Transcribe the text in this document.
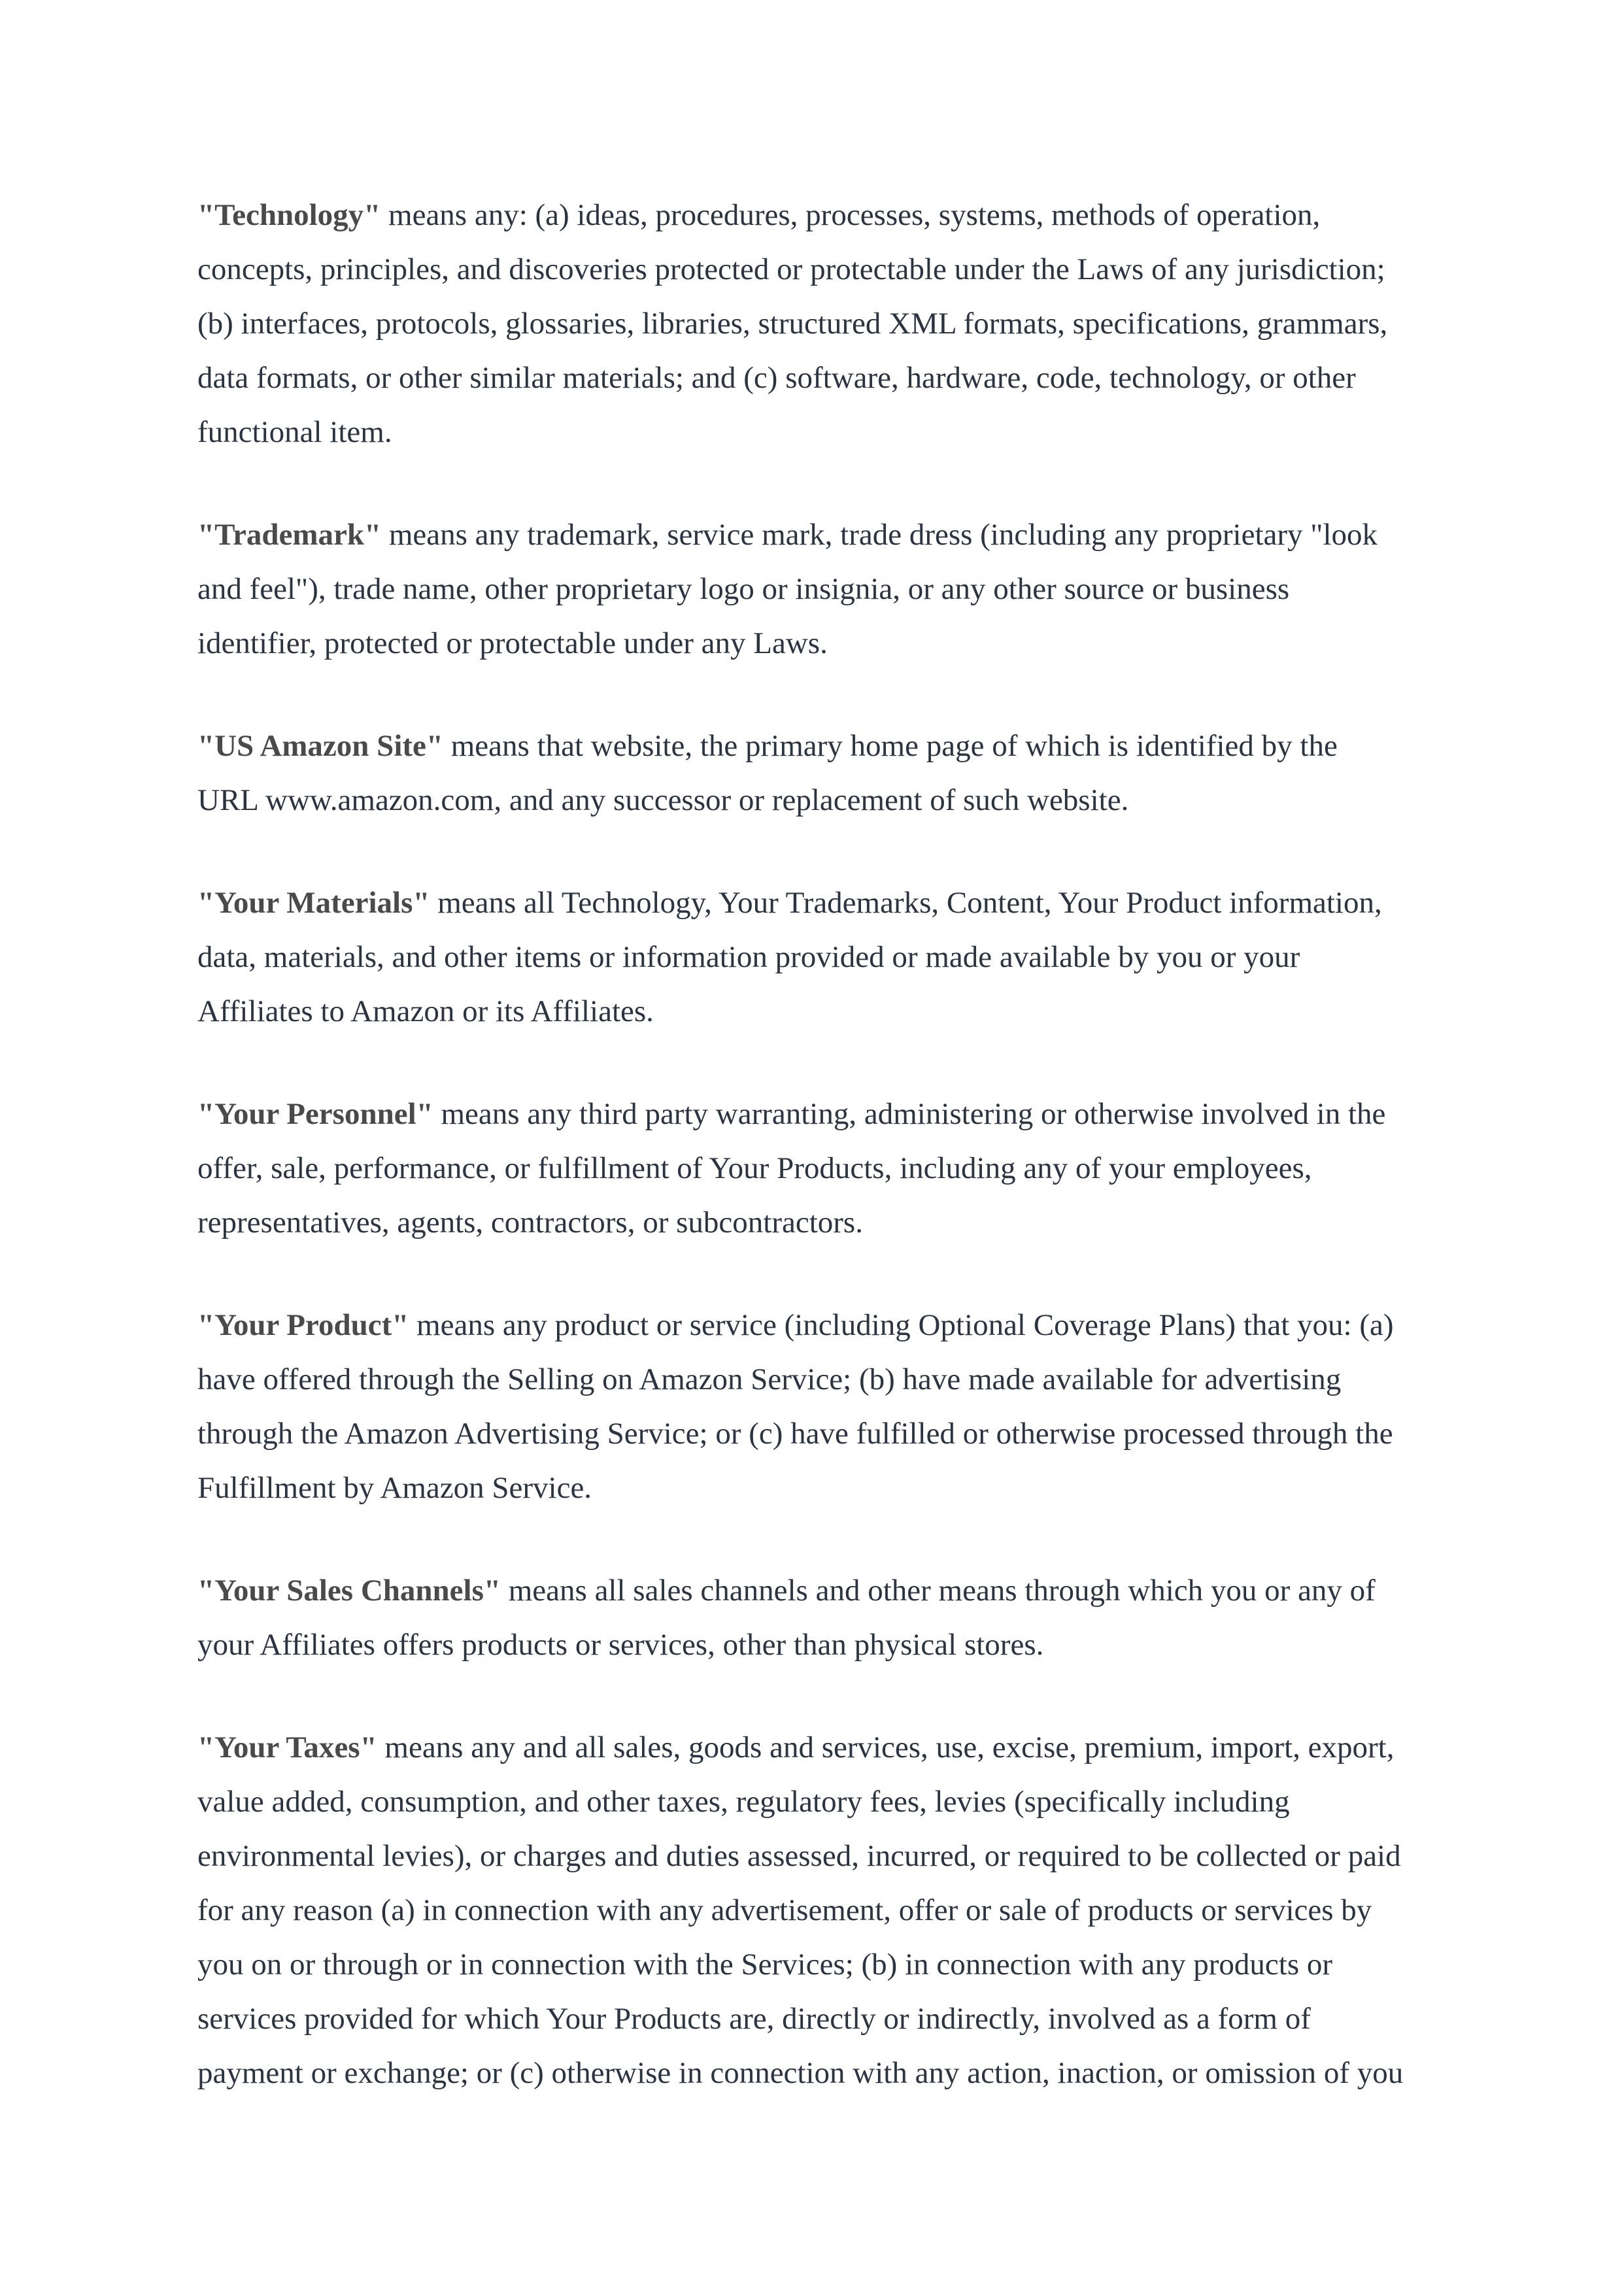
"Technology" means any: (a) ideas, procedures, processes, systems, methods of operation,
concepts, principles, and discoveries protected or protectable under the Laws of any jurisdiction;
(b) interfaces, protocols, glossaries, libraries, structured XML formats, specifications, grammars,
data formats, or other similar materials; and (c) software, hardware, code, technology, or other
functional item.
"Trademark" means any trademark, service mark, trade dress (including any proprietary "look
and feel"), trade name, other proprietary logo or insignia, or any other source or business
identifier, protected or protectable under any Laws.
"US Amazon Site" means that website, the primary home page of which is identified by the
URL www.amazon.com, and any successor or replacement of such website.
"Your Materials" means all Technology, Your Trademarks, Content, Your Product information,
data, materials, and other items or information provided or made available by you or your
Affiliates to Amazon or its Affiliates.
"Your Personnel" means any third party warranting, administering or otherwise involved in the
offer, sale, performance, or fulfillment of Your Products, including any of your employees,
representatives, agents, contractors, or subcontractors.
"Your Product" means any product or service (including Optional Coverage Plans) that you: (a)
have offered through the Selling on Amazon Service; (b) have made available for advertising
through the Amazon Advertising Service; or (c) have fulfilled or otherwise processed through the
Fulfillment by Amazon Service.
"Your Sales Channels" means all sales channels and other means through which you or any of
your Affiliates offers products or services, other than physical stores.
"Your Taxes" means any and all sales, goods and services, use, excise, premium, import, export,
value added, consumption, and other taxes, regulatory fees, levies (specifically including
environmental levies), or charges and duties assessed, incurred, or required to be collected or paid
for any reason (a) in connection with any advertisement, offer or sale of products or services by
you on or through or in connection with the Services; (b) in connection with any products or
services provided for which Your Products are, directly or indirectly, involved as a form of
payment or exchange; or (c) otherwise in connection with any action, inaction, or omission of you
